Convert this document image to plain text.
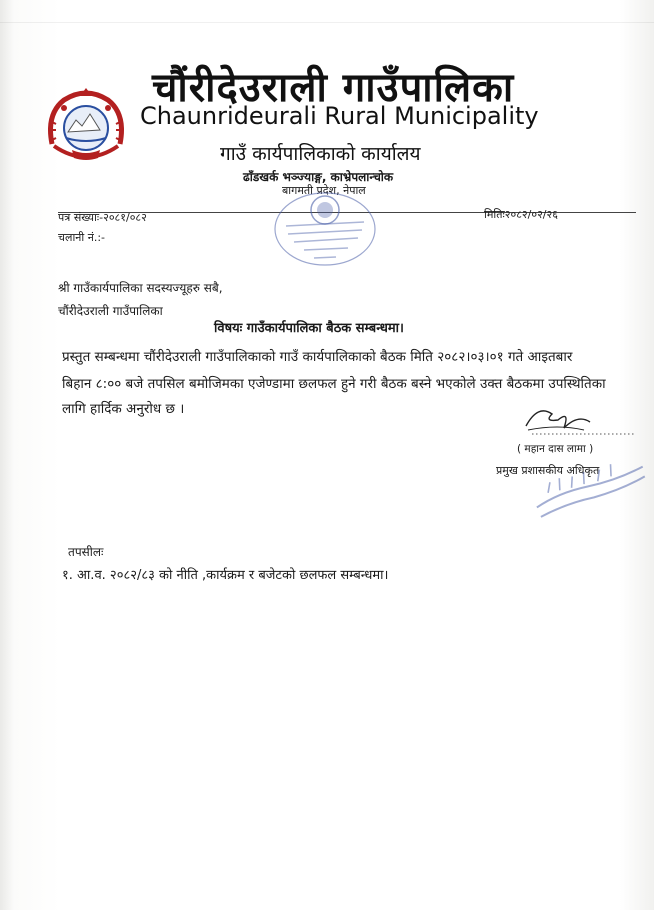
चौंरीदेउराली गाउँपालिका
Chaunrideurali Rural Municipality
गाउँ कार्यपालिकाको कार्यालय
ढाँडखर्क भञ्ज्याङ्ग, काभ्रेपलान्चोक
बागमती प्रदेश, नेपाल
पत्र संख्याः-२०८१/०८२
चलानी नं.:-
मितिः२०८२/०२/२६
श्री गाउँकार्यपालिका सदस्यज्यूहरु सबै,
चौंरीदेउराली गाउँपालिका
विषयः गाउँकार्यपालिका बैठक सम्बन्धमा।
प्रस्तुत सम्बन्धमा चौंरीदेउराली गाउँपालिकाको गाउँ कार्यपालिकाको बैठक मिति २०८२।०३।०१ गते आइतबार
बिहान ८:०० बजे तपसिल बमोजिमका एजेण्डामा छलफल हुने गरी बैठक बस्ने भएकोले उक्त बैठकमा उपस्थितिका
लागि हार्दिक अनुरोध छ ।
( महान दास लामा )
प्रमुख प्रशासकीय अधिकृत
तपसीलः
१. आ.व. २०८२/८३ को नीति ,कार्यक्रम र बजेटको छलफल सम्बन्धमा।
